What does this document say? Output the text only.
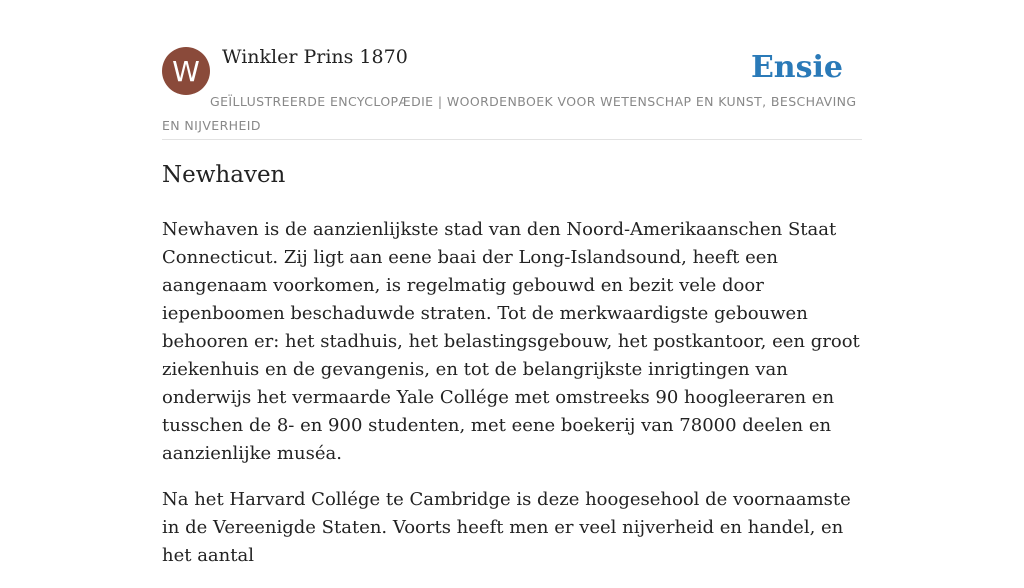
W	Winkler Prins 1870	Ensie
GEÏLLUSTREERDE ENCYCLOPÆDIE | WOORDENBOEK VOOR WETENSCHAP EN KUNST, BESCHAVING EN NIJVERHEID
Newhaven

Newhaven is de aanzienlijkste stad van den Noord-Amerikaanschen Staat Connecticut. Zij ligt aan eene baai der Long-Islandsound, heeft een aangenaam voorkomen, is regelmatig gebouwd en bezit vele door iepenboomen beschaduwde straten. Tot de merkwaardigste gebouwen behooren er: het stadhuis, het belastingsgebouw, het postkantoor, een groot ziekenhuis en de gevangenis, en tot de belangrijkste inrigtingen van onderwijs het vermaarde Yale Collége met omstreeks 90 hoogleeraren en tusschen de 8- en 900 studenten, met eene boekerij van 78000 deelen en aanzienlijke muséa.

Na het Harvard Collége te Cambridge is deze hoogesehool de voornaamste in de Vereenigde Staten. Voorts heeft men er veel nijverheid en handel, en het aantal
